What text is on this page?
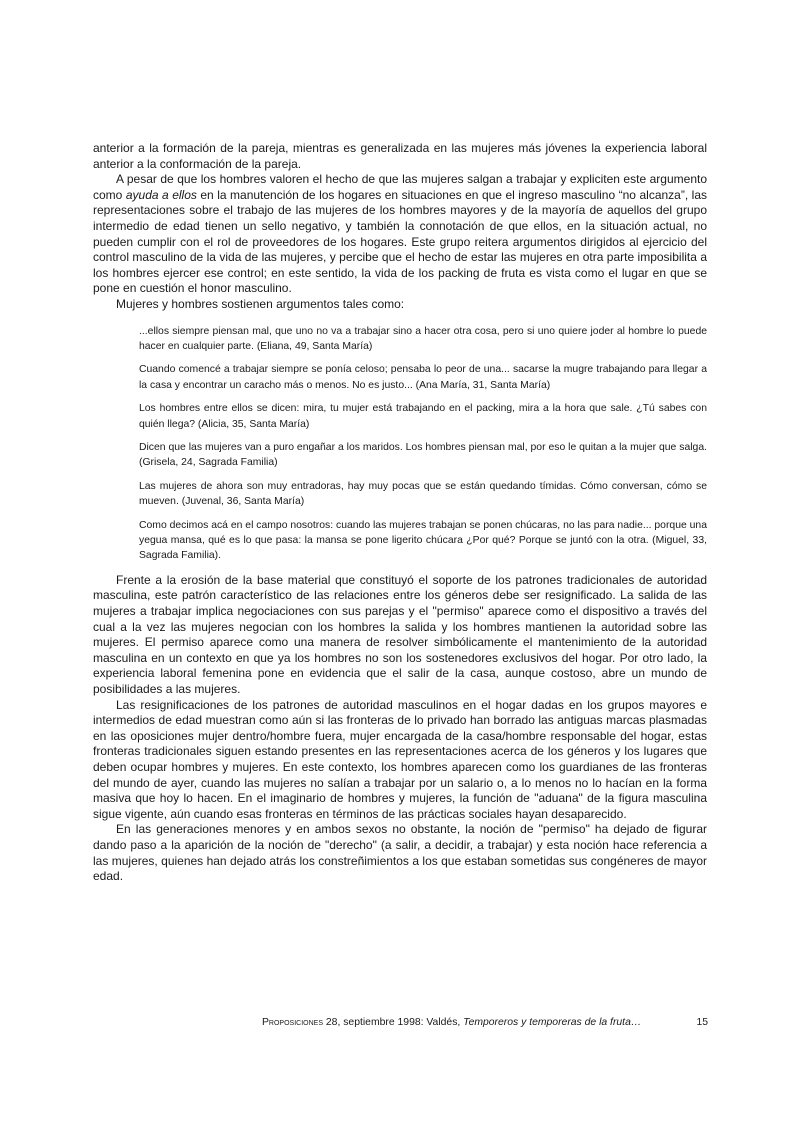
anterior a la formación de la pareja, mientras es generalizada en las mujeres más jóvenes la experiencia laboral anterior a la conformación de la pareja.

A pesar de que los hombres valoren el hecho de que las mujeres salgan a trabajar y expliciten este argumento como ayuda a ellos en la manutención de los hogares en situaciones en que el ingreso masculino “no alcanza”, las representaciones sobre el trabajo de las mujeres de los hombres mayores y de la mayoría de aquellos del grupo intermedio de edad tienen un sello negativo, y también la connotación de que ellos, en la situación actual, no pueden cumplir con el rol de proveedores de los hogares. Este grupo reitera argumentos dirigidos al ejercicio del control masculino de la vida de las mujeres, y percibe que el hecho de estar las mujeres en otra parte imposibilita a los hombres ejercer ese control; en este sentido, la vida de los packing de fruta es vista como el lugar en que se pone en cuestión el honor masculino.

Mujeres y hombres sostienen argumentos tales como:

...ellos siempre piensan mal, que uno no va a trabajar sino a hacer otra cosa, pero si uno quiere joder al hombre lo puede hacer en cualquier parte. (Eliana, 49, Santa María)

Cuando comencé a trabajar siempre se ponía celoso; pensaba lo peor de una... sacarse la mugre trabajando para llegar a la casa y encontrar un caracho más o menos. No es justo... (Ana María, 31, Santa María)

Los hombres entre ellos se dicen: mira, tu mujer está trabajando en el packing, mira a la hora que sale. ¿Tú sabes con quién llega? (Alicia, 35, Santa María)

Dicen que las mujeres van a puro engañar a los maridos. Los hombres piensan mal, por eso le quitan a la mujer que salga. (Grisela, 24, Sagrada Familia)

Las mujeres de ahora son muy entradoras, hay muy pocas que se están quedando tímidas. Cómo conversan, cómo se mueven. (Juvenal, 36, Santa María)

Como decimos acá en el campo nosotros: cuando las mujeres trabajan se ponen chúcaras, no las para nadie... porque una yegua mansa, qué es lo que pasa: la mansa se pone ligerito chúcara ¿Por qué? Porque se juntó con la otra. (Miguel, 33, Sagrada Familia).

Frente a la erosión de la base material que constituyó el soporte de los patrones tradicionales de autoridad masculina, este patrón característico de las relaciones entre los géneros debe ser resignificado. La salida de las mujeres a trabajar implica negociaciones con sus parejas y el "permiso" aparece como el dispositivo a través del cual a la vez las mujeres negocian con los hombres la salida y los hombres mantienen la autoridad sobre las mujeres. El permiso aparece como una manera de resolver simbólicamente el mantenimiento de la autoridad masculina en un contexto en que ya los hombres no son los sostenedores exclusivos del hogar. Por otro lado, la experiencia laboral femenina pone en evidencia que el salir de la casa, aunque costoso, abre un mundo de posibilidades a las mujeres.

Las resignificaciones de los patrones de autoridad masculinos en el hogar dadas en los grupos mayores e intermedios de edad muestran como aún si las fronteras de lo privado han borrado las antiguas marcas plasmadas en las oposiciones mujer dentro/hombre fuera, mujer encargada de la casa/hombre responsable del hogar, estas fronteras tradicionales siguen estando presentes en las representaciones acerca de los géneros y los lugares que deben ocupar hombres y mujeres. En este contexto, los hombres aparecen como los guardianes de las fronteras del mundo de ayer, cuando las mujeres no salían a trabajar por un salario o, a lo menos no lo hacían en la forma masiva que hoy lo hacen. En el imaginario de hombres y mujeres, la función de "aduana" de la figura masculina sigue vigente, aún cuando esas fronteras en términos de las prácticas sociales hayan desaparecido.

En las generaciones menores y en ambos sexos no obstante, la noción de "permiso" ha dejado de figurar dando paso a la aparición de la noción de "derecho" (a salir, a decidir, a trabajar) y esta noción hace referencia a las mujeres, quienes han dejado atrás los constreñimientos a los que estaban sometidas sus congéneres de mayor edad.

Proposiciones 28, septiembre 1998: Valdés, Temporeros y temporeras de la fruta…	15
